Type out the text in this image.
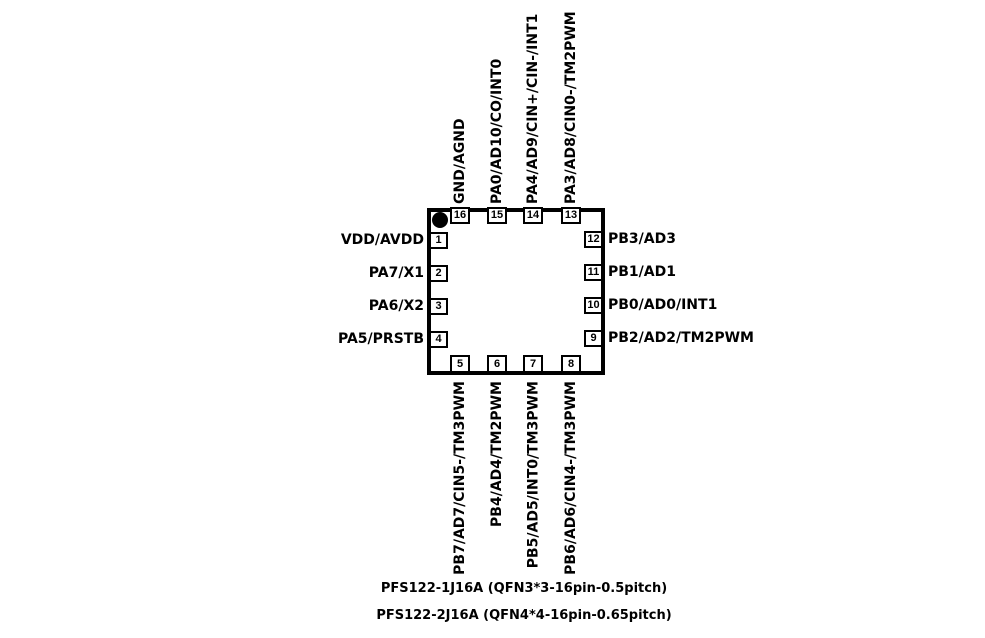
16 15 14 13
5	6	7	8
1
2
3
4
12
11
10
9
VDD/AVDD
PA7/X1
PA6/X2
PA5/PRSTB
PB3/AD3
PB1/AD1
PB0/AD0/INT1
PB2/AD2/TM2PWM
GND/AGND PA0/AD10/CO/INT0 PA4/AD9/CIN+/CIN-/INT1 PA3/AD8/CIN0-/TM2PWM
PB7/AD7/CIN5-/TM3PWM PB4/AD4/TM2PWM PB5/AD5/INT0/TM3PWM PB6/AD6/CIN4-/TM3PWM
PFS122-1J16A (QFN3*3-16pin-0.5pitch)
PFS122-2J16A (QFN4*4-16pin-0.65pitch)
